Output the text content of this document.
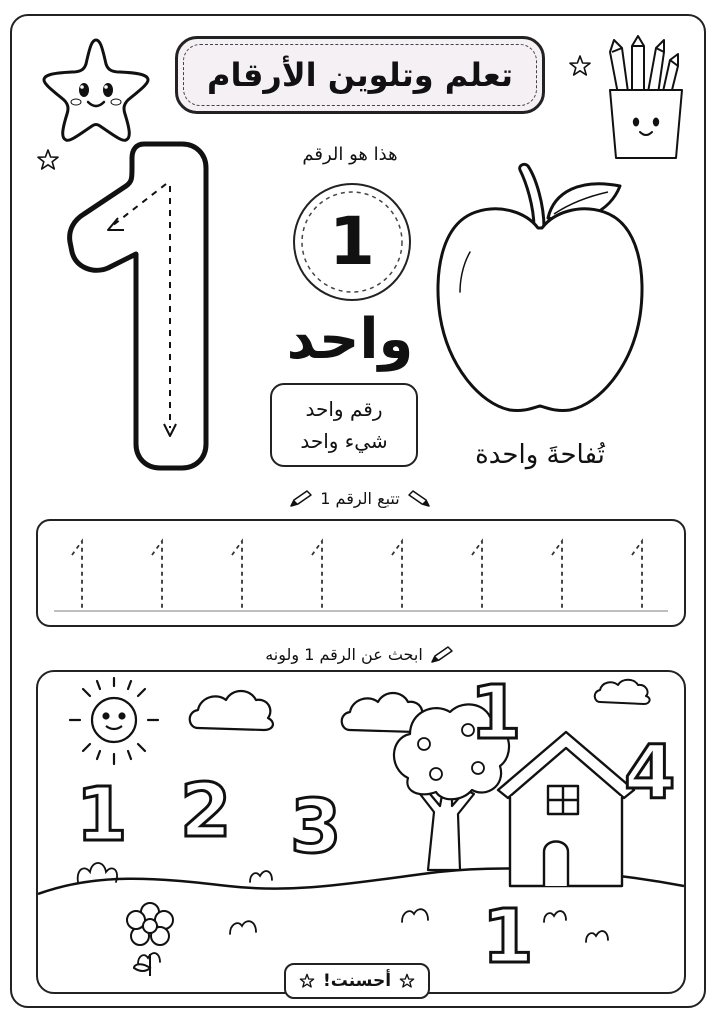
تعلم وتلوين الأرقام
هذا هو الرقم
1
واحد
رقم واحد
شيء واحد	تُفاحةَ واحدة
تتبع الرقم 1
ابحث عن الرقم 1 ولونه
1
1
2 3
4
1
أحسنت!
